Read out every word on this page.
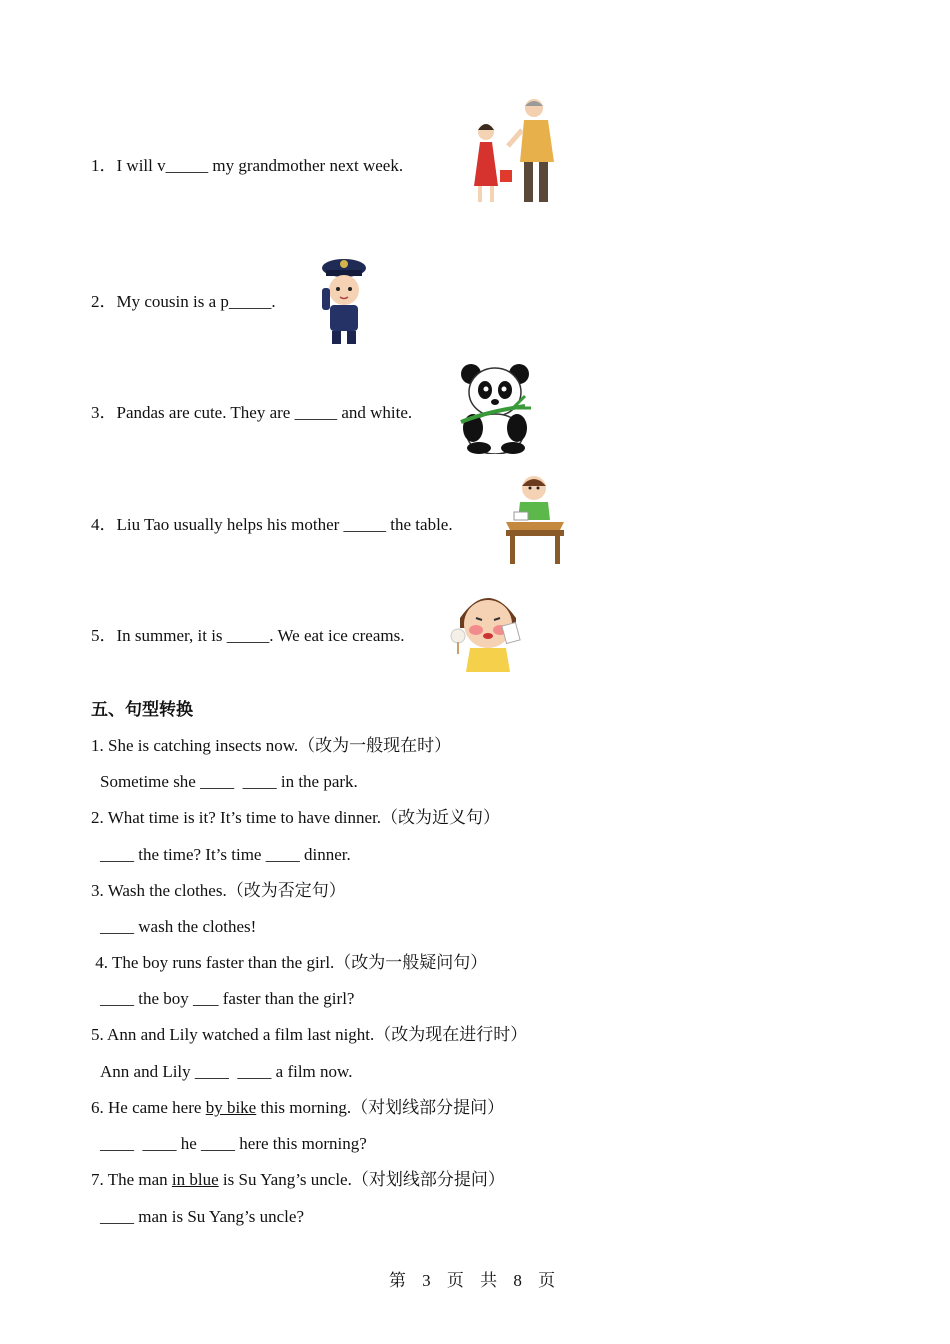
1．I will v_____ my grandmother next week.
2．My cousin is a p_____.
3．Pandas are cute. They are _____ and white.
4．Liu Tao usually helps his mother _____ the table.
5．In summer, it is _____. We eat ice creams.
五、句型转换
1. She is catching insects now.（改为一般现在时）
Sometime she ____  ____ in the park.
2. What time is it? It’s time to have dinner.（改为近义句）
____ the time? It’s time ____ dinner.
3. Wash the clothes.（改为否定句）
____ wash the clothes!
4. The boy runs faster than the girl.（改为一般疑问句）
____ the boy ___ faster than the girl?
5. Ann and Lily watched a film last night.（改为现在进行时）
Ann and Lily ____  ____ a film now.
6. He came here by bike this morning.（对划线部分提问）
____  ____ he ____ here this morning?
7. The man in blue is Su Yang’s uncle.（对划线部分提问）
____ man is Su Yang’s uncle?
第 3 页 共 8 页
